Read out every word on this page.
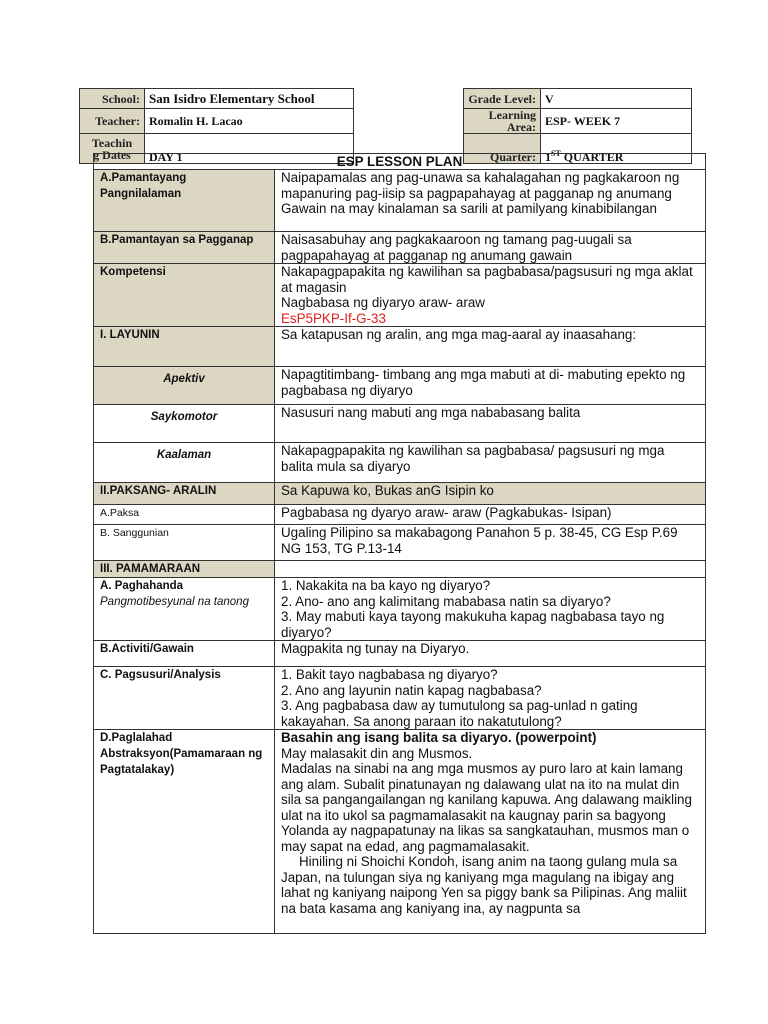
School:	San Isidro Elementary School		Grade Level:	V
Teacher:	Romalin H. Lacao		Learning Area:	ESP- WEEK 7

Teachin
g Dates	DAY 1		Quarter:	1ST QUARTER
ESP LESSON PLAN	

A.Pamantayang
Pangnilalaman	Naipapamalas ang pag-unawa sa kahalagahan ng pagkakaroon ng mapanuring pag-iisip sa pagpapahayag at pagganap ng anumang Gawain na may kinalaman sa sarili at pamilyang kinabibilangan
B.Pamantayan sa Pagganap	Naisasabuhay ang pagkakaaroon ng tamang pag-uugali sa pagpapahayag at pagganap ng anumang gawain
Kompetensi	Nakapagpapakita ng kawilihan sa pagbabasa/pagsusuri ng mga aklat at magasin
Nagbabasa ng diyaryo araw- araw
EsP5PKP-If-G-33

I. LAYUNIN	Sa katapusan ng aralin, ang mga mag-aaral ay inaasahang:
Apektiv	Napagtitimbang- timbang ang mga mabuti at di- mabuting epekto ng pagbabasa ng diyaryo
Saykomotor	Nasusuri nang mabuti ang mga nababasang balita
Kaalaman	Nakapagpapakita ng kawilihan sa pagbabasa/ pagsusuri ng mga balita mula sa diyaryo
II.PAKSANG- ARALIN	Sa Kapuwa ko, Bukas anG Isipin ko
A.Paksa	Pagbabasa ng dyaryo araw- araw (Pagkabukas- Isipan)
B. Sanggunian	Ugaling Pilipino sa makabagong Panahon 5 p. 38-45, CG Esp P.69 NG 153, TG P.13-14
III. PAMAMARAAN	

A. Paghahanda
Pangmotibesyunal na tanong	1. Nakakita na ba kayo ng diyaryo?
2. Ano- ano ang kalimitang mababasa natin sa diyaryo?
3. May mabuti kaya tayong makukuha kapag nagbabasa tayo ng diyaryo?

B.Activiti/Gawain	Magpakita ng tunay na Diyaryo.
C. Pagsusuri/Analysis	1. Bakit tayo nagbabasa ng diyaryo?
2. Ano ang layunin natin kapag nagbabasa?
3. Ang pagbabasa daw ay tumutulong sa pag-unlad n gating kakayahan. Sa anong paraan ito nakatutulong?

D.Paglalahad Abstraksyon(Pamamaraan ng Pagtatalakay)	Basahin ang isang balita sa diyaryo. (powerpoint)
May malasakit din ang Musmos.
Madalas na sinabi na ang mga musmos ay puro laro at kain lamang ang alam. Subalit pinatunayan ng dalawang ulat na ito na mulat din sila sa pangangailangan ng kanilang kapuwa. Ang dalawang maikling ulat na ito ukol sa pagmamalasakit na kaugnay parin sa bagyong Yolanda ay nagpapatunay na likas sa sangkatauhan, musmos man o may sapat na edad, ang pagmamalasakit.
Hiniling ni Shoichi Kondoh, isang anim na taong gulang mula sa Japan, na tulungan siya ng kaniyang mga magulang na ibigay ang lahat ng kaniyang naipong Yen sa piggy bank sa Pilipinas. Ang maliit na bata kasama ang kaniyang ina, ay nagpunta sa
